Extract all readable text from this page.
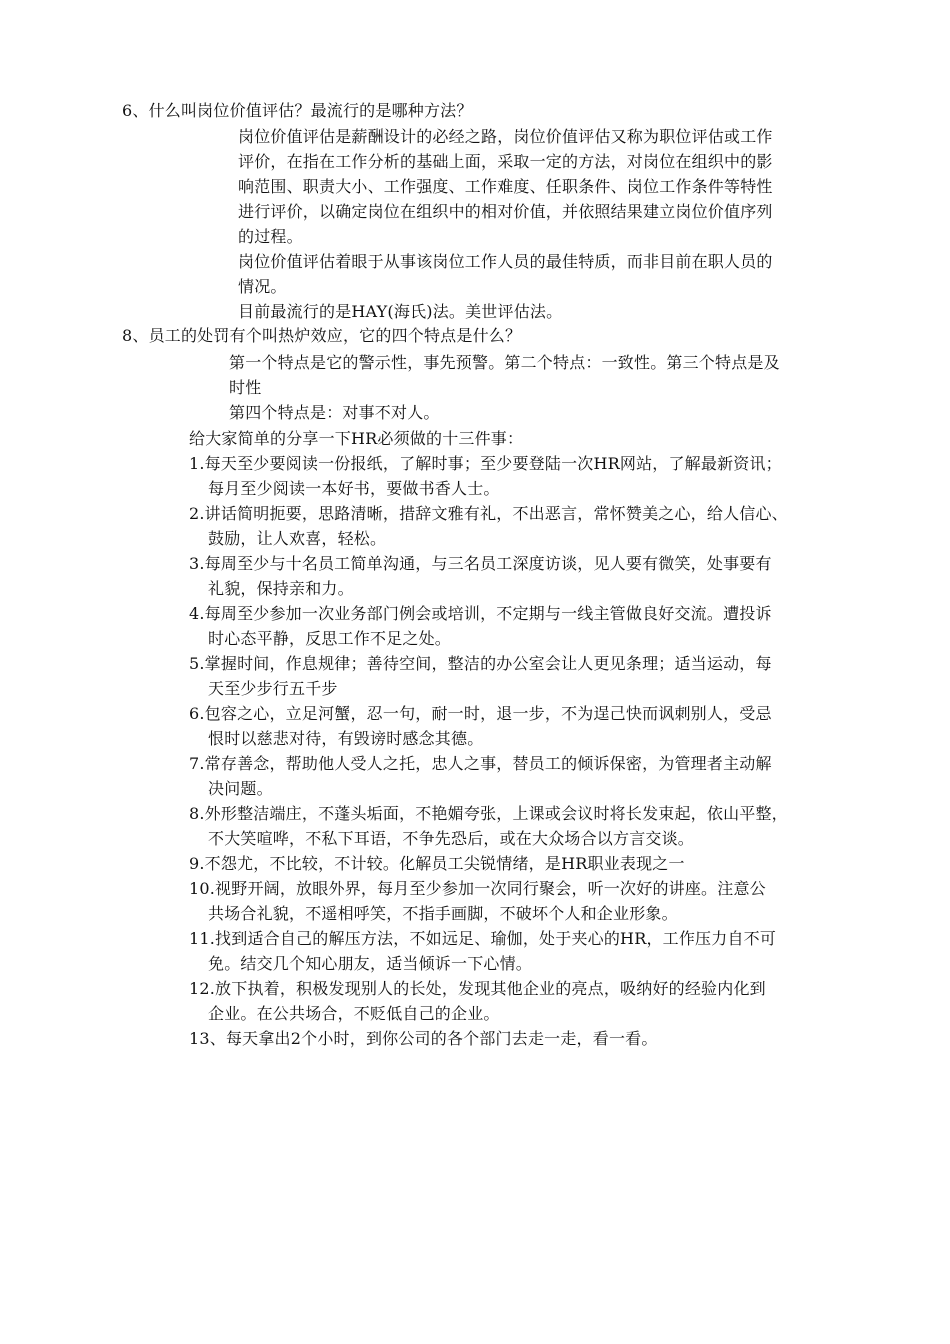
6、什么叫岗位价值评估？最流行的是哪种方法？
岗位价值评估是薪酬设计的必经之路，岗位价值评估又称为职位评估或工作
评价，在指在工作分析的基础上面，采取一定的方法，对岗位在组织中的影
响范围、职责大小、工作强度、工作难度、任职条件、岗位工作条件等特性
进行评价，以确定岗位在组织中的相对价值，并依照结果建立岗位价值序列
的过程。
岗位价值评估着眼于从事该岗位工作人员的最佳特质，而非目前在职人员的
情况。
目前最流行的是HAY(海氏)法。美世评估法。
8、员工的处罚有个叫热炉效应，它的四个特点是什么？
第一个特点是它的警示性，事先预警。第二个特点：一致性。第三个特点是及
时性
第四个特点是：对事不对人。
给大家简单的分享一下HR必须做的十三件事：
1.每天至少要阅读一份报纸，了解时事；至少要登陆一次HR网站，了解最新资讯；
每月至少阅读一本好书，要做书香人士。
2.讲话简明扼要，思路清晰，措辞文雅有礼，不出恶言，常怀赞美之心，给人信心、
鼓励，让人欢喜，轻松。
3.每周至少与十名员工简单沟通，与三名员工深度访谈，见人要有微笑，处事要有
礼貌，保持亲和力。
4.每周至少参加一次业务部门例会或培训，不定期与一线主管做良好交流。遭投诉
时心态平静，反思工作不足之处。
5.掌握时间，作息规律；善待空间，整洁的办公室会让人更见条理；适当运动，每
天至少步行五千步
6.包容之心，立足河蟹，忍一句，耐一时，退一步，不为逞己快而讽刺别人，受忌
恨时以慈悲对待，有毁谤时感念其德。
7.常存善念，帮助他人受人之托，忠人之事，替员工的倾诉保密，为管理者主动解
决问题。
8.外形整洁端庄，不蓬头垢面，不艳媚夸张，上课或会议时将长发束起，依山平整，
不大笑喧哗，不私下耳语，不争先恐后，或在大众场合以方言交谈。
9.不怨尤，不比较，不计较。化解员工尖锐情绪，是HR职业表现之一
10.视野开阔，放眼外界，每月至少参加一次同行聚会，听一次好的讲座。注意公
共场合礼貌，不遥相呼笑，不指手画脚，不破坏个人和企业形象。
11.找到适合自己的解压方法，不如远足、瑜伽，处于夹心的HR，工作压力自不可
免。结交几个知心朋友，适当倾诉一下心情。
12.放下执着，积极发现别人的长处，发现其他企业的亮点，吸纳好的经验内化到
企业。在公共场合，不贬低自己的企业。
13、每天拿出2个小时，到你公司的各个部门去走一走，看一看。
